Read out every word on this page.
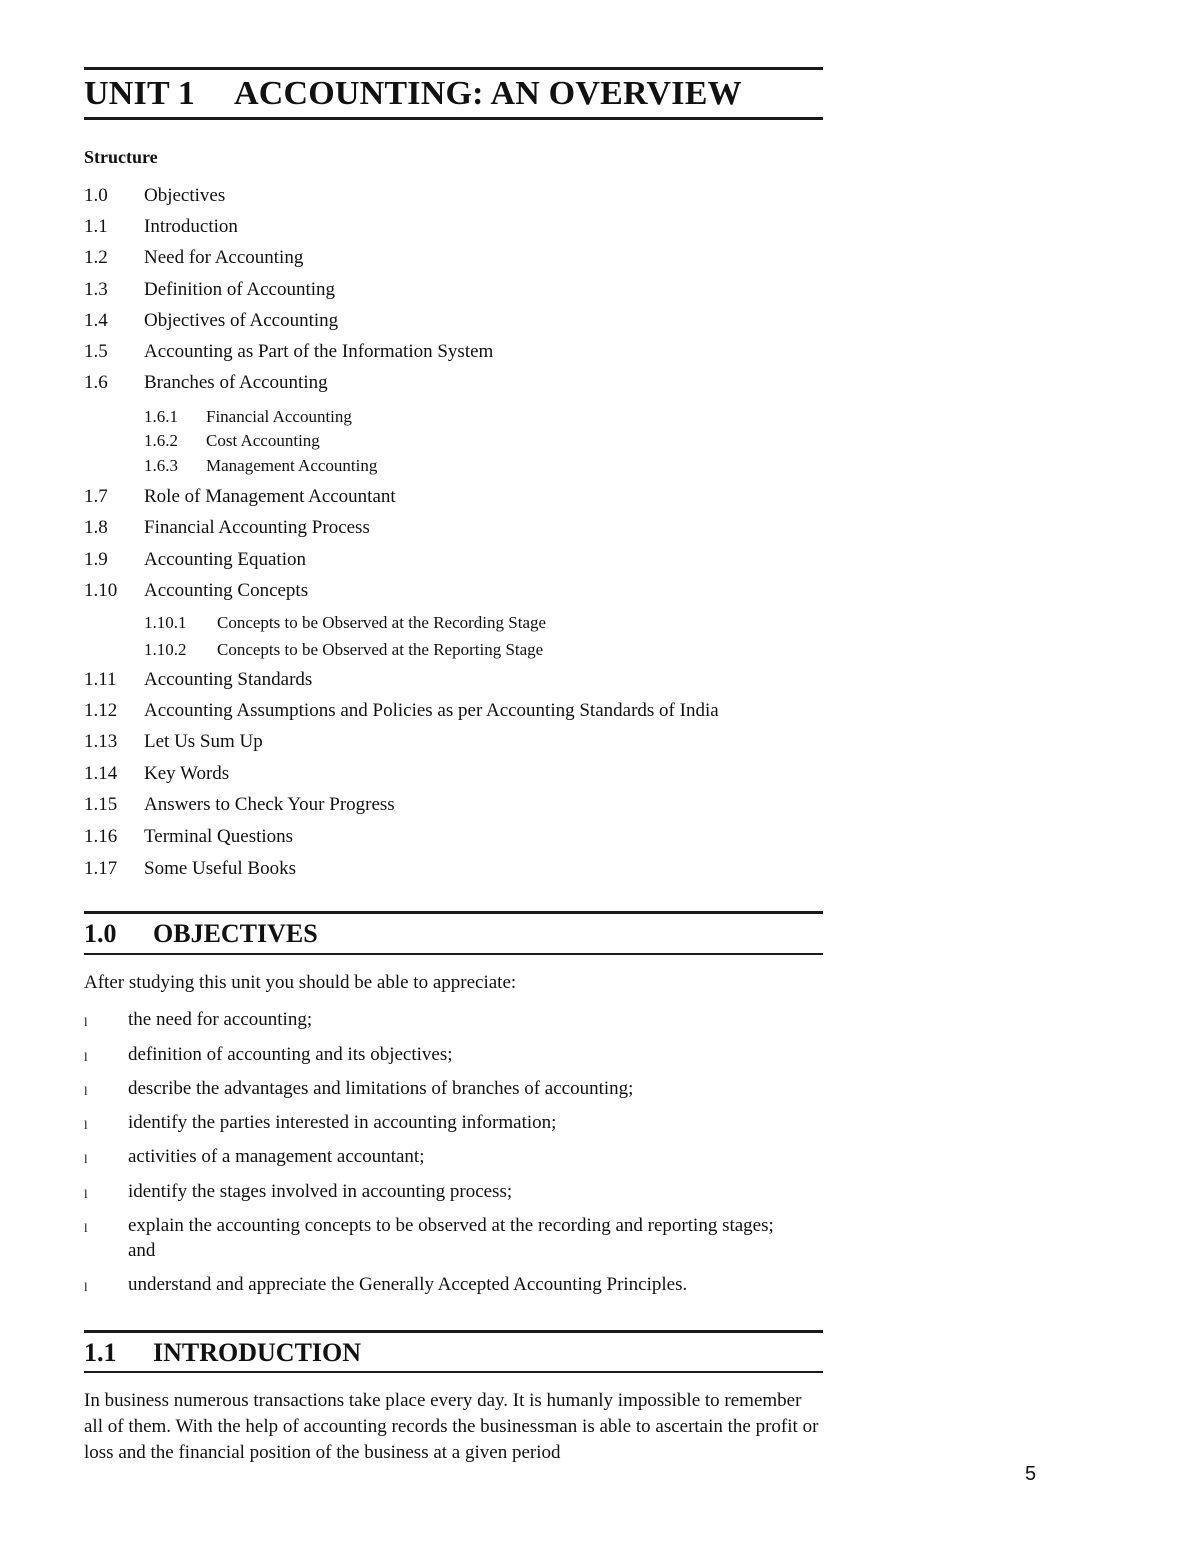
UNIT 1 ACCOUNTING: AN OVERVIEW
Structure
1.0 Objectives
1.1 Introduction
1.2 Need for Accounting
1.3 Definition of Accounting
1.4 Objectives of Accounting
1.5 Accounting as Part of the Information System
1.6 Branches of Accounting
1.6.1 Financial Accounting
1.6.2 Cost Accounting
1.6.3 Management Accounting
1.7 Role of Management Accountant
1.8 Financial Accounting Process
1.9 Accounting Equation
1.10 Accounting Concepts
1.10.1 Concepts to be Observed at the Recording Stage
1.10.2 Concepts to be Observed at the Reporting Stage
1.11 Accounting Standards
1.12 Accounting Assumptions and Policies as per Accounting Standards of India
1.13 Let Us Sum Up
1.14 Key Words
1.15 Answers to Check Your Progress
1.16 Terminal Questions
1.17 Some Useful Books
1.0 OBJECTIVES

After studying this unit you should be able to appreciate:

l the need for accounting;
l definition of accounting and its objectives;
l describe the advantages and limitations of branches of accounting;
l identify the parties interested in accounting information;
l activities of a management accountant;
l identify the stages involved in accounting process;
l explain the accounting concepts to be observed at the recording and reporting stages; and
l understand and appreciate the Generally Accepted Accounting Principles.
1.1 INTRODUCTION

In business numerous transactions take place every day. It is humanly impossible to remember all of them. With the help of accounting records the businessman is able to ascertain the profit or loss and the financial position of the business at a given period

5
